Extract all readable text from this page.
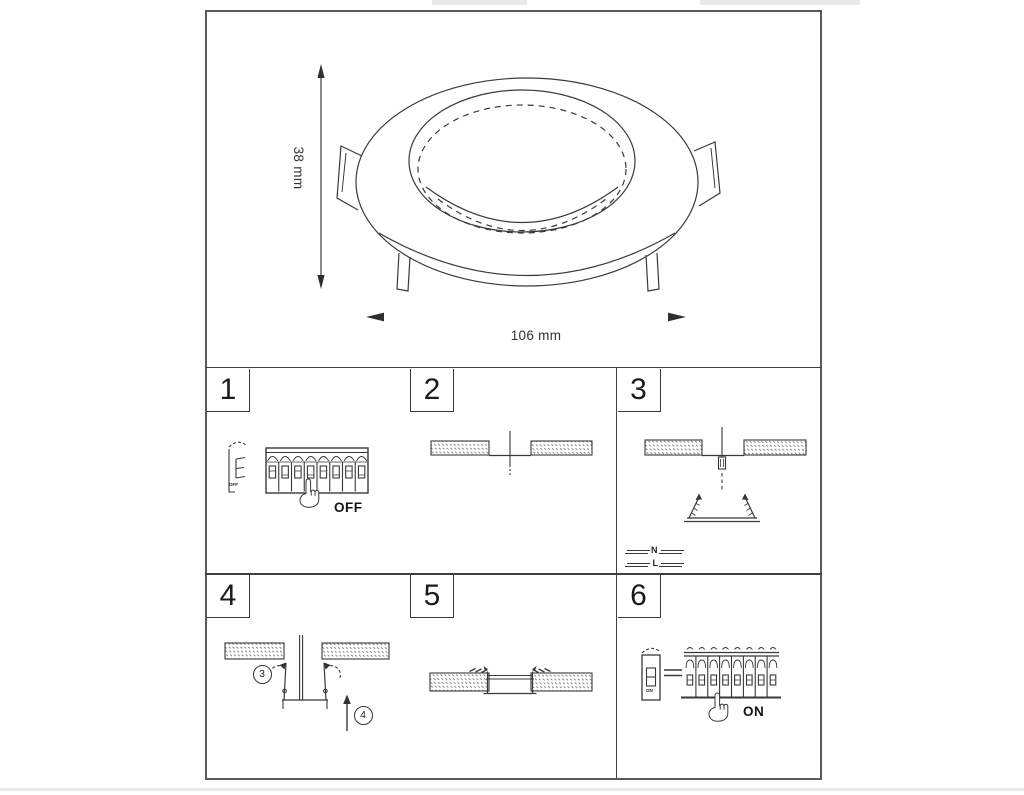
1	2	3
4	5	6
38 mm
106 mm
OFF
OFF
N
L
3
4	ON
ON
